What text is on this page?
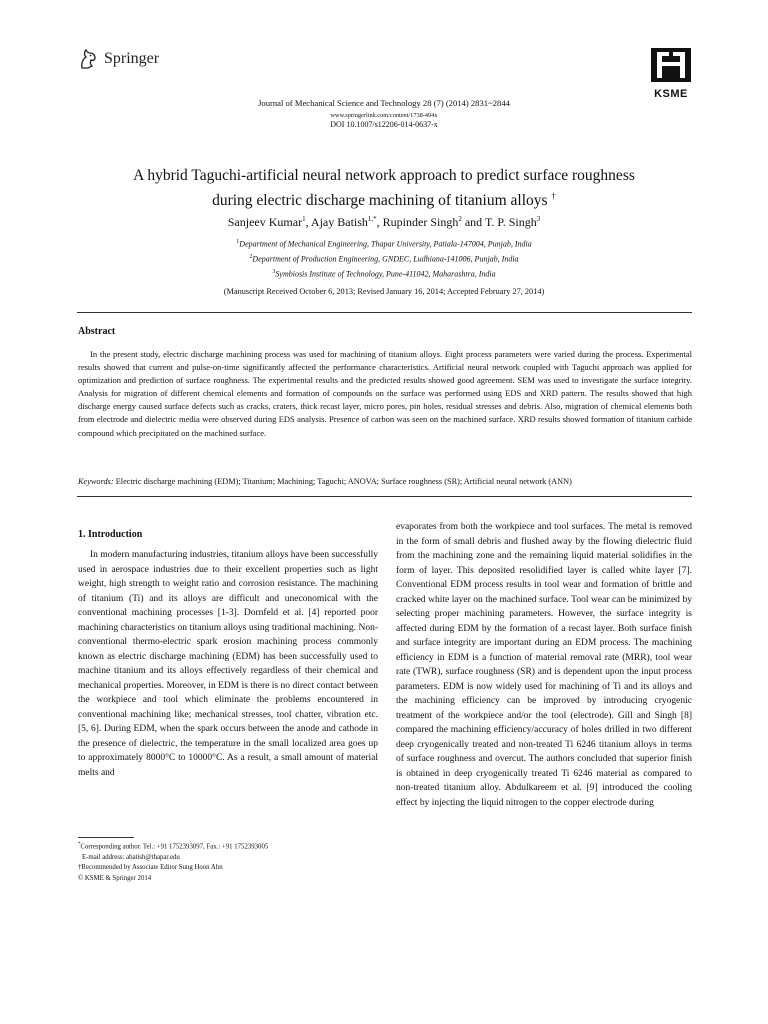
Springer
KSME
Journal of Mechanical Science and Technology 28 (7) (2014) 2831~2844
www.springerlink.com/content/1738-494x
DOI 10.1007/s12206-014-0637-x
A hybrid Taguchi-artificial neural network approach to predict surface roughness
during electric discharge machining of titanium alloys †
Sanjeev Kumar$^1$, Ajay Batish$^{1,*}$, Rupinder Singh$^2$ and T. P. Singh$^3$
$^1$Department of Mechanical Engineering, Thapar University, Patiala-147004, Punjab, India
$^2$Department of Production Engineering, GNDEC, Ludhiana-141006, Punjab, India
$^3$Symbiosis Institute of Technology, Pune-411042, Maharashtra, India
(Manuscript Received October 6, 2013; Revised January 16, 2014; Accepted February 27, 2014)
Abstract
In the present study, electric discharge machining process was used for machining of titanium alloys. Eight process parameters were varied during the process. Experimental results showed that current and pulse-on-time significantly affected the performance characteristics. Artificial neural network coupled with Taguchi approach was applied for optimization and prediction of surface roughness. The experimental results and the predicted results showed good agreement. SEM was used to investigate the surface integrity. Analysis for migration of different chemical elements and formation of compounds on the surface was performed using EDS and XRD pattern. The results showed that high discharge energy caused surface defects such as cracks, craters, thick recast layer, micro pores, pin holes, residual stresses and debris. Also, migration of chemical elements both from electrode and dielectric media were observed during EDS analysis. Presence of carbon was seen on the machined surface. XRD results showed formation of titanium carbide compound which precipitated on the machined surface.
Keywords: Electric discharge machining (EDM); Titanium; Machining; Taguchi; ANOVA; Surface roughness (SR); Artificial neural network (ANN)
1. Introduction
In modern manufacturing industries, titanium alloys have been successfully used in aerospace industries due to their excellent properties such as light weight, high strength to weight ratio and corrosion resistance. The machining of titanium (Ti) and its alloys are difficult and uneconomical with the conventional machining processes [1-3]. Dornfeld et al. [4] reported poor machining characteristics on titanium alloys using traditional machining. Non-conventional thermo-electric spark erosion machining process commonly known as electric discharge machining (EDM) has been successfully used to machine titanium and its alloys effectively regardless of their chemical and mechanical properties. Moreover, in EDM is there is no direct contact between the workpiece and tool which eliminate the problems encountered in conventional machining like; mechanical stresses, tool chatter, vibration etc. [5, 6]. During EDM, when the spark occurs between the anode and cathode in the presence of dielectric, the temperature in the small localized area goes up to approximately 8000°C to 10000°C. As a result, a small amount of material melts and
evaporates from both the workpiece and tool surfaces. The metal is removed in the form of small debris and flushed away by the flowing dielectric fluid from the machining zone and the remaining liquid material solidifies in the form of layer. This deposited resolidified layer is called white layer [7]. Conventional EDM process results in tool wear and formation of brittle and cracked white layer on the machined surface. Tool wear can be minimized by selecting proper machining parameters. However, the surface integrity is affected during EDM by the formation of a recast layer. Both surface finish and surface integrity are important during an EDM process. The machining efficiency in EDM is a function of material removal rate (MRR), tool wear rate (TWR), surface roughness (SR) and is dependent upon the input process parameters. EDM is now widely used for machining of Ti and its alloys and the machining efficiency can be improved by introducing cryogenic treatment of the workpiece and/or the tool (electrode). Gill and Singh [8] compared the machining efficiency/accuracy of holes drilled in two different deep cryogenically treated and non-treated Ti 6246 titanium alloys in terms of surface roughness and overcut. The authors concluded that superior finish is obtained in deep cryogenically treated Ti 6246 material as compared to non-treated titanium alloy. Abdulkareem et al. [9] introduced the cooling effect by injecting the liquid nitrogen to the copper electrode during
*Corresponding author. Tel.: +91 1752393097, Fax.: +91 1752393005
E-mail address: abatish@thapar.edu
†Recommended by Associate Editor Sung Hoon Ahn
© KSME & Springer 2014
